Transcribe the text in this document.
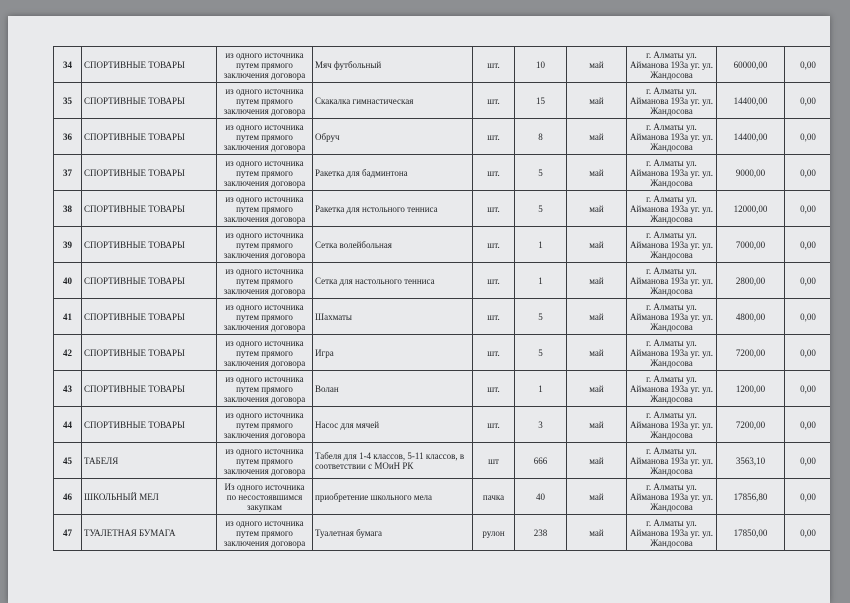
34	СПОРТИВНЫЕ ТОВАРЫ	из одного источника путем прямого заключения договора	Мяч футбольный	шт.	10	май	г. Алматы ул. Айманова 193а уг. ул. Жандосова	60000,00	0,00
35	СПОРТИВНЫЕ ТОВАРЫ	из одного источника путем прямого заключения договора	Скакалка гимнастическая	шт.	15	май	г. Алматы ул. Айманова 193а уг. ул. Жандосова	14400,00	0,00
36	СПОРТИВНЫЕ ТОВАРЫ	из одного источника путем прямого заключения договора	Обруч	шт.	8	май	г. Алматы ул. Айманова 193а уг. ул. Жандосова	14400,00	0,00
37	СПОРТИВНЫЕ ТОВАРЫ	из одного источника путем прямого заключения договора	Ракетка для бадминтона	шт.	5	май	г. Алматы ул. Айманова 193а уг. ул. Жандосова	9000,00	0,00
38	СПОРТИВНЫЕ ТОВАРЫ	из одного источника путем прямого заключения договора	Ракетка для нстольного тенниса	шт.	5	май	г. Алматы ул. Айманова 193а уг. ул. Жандосова	12000,00	0,00
39	СПОРТИВНЫЕ ТОВАРЫ	из одного источника путем прямого заключения договора	Сетка волейбольная	шт.	1	май	г. Алматы ул. Айманова 193а уг. ул. Жандосова	7000,00	0,00
40	СПОРТИВНЫЕ ТОВАРЫ	из одного источника путем прямого заключения договора	Сетка для настольного тенниса	шт.	1	май	г. Алматы ул. Айманова 193а уг. ул. Жандосова	2800,00	0,00
41	СПОРТИВНЫЕ ТОВАРЫ	из одного источника путем прямого заключения договора	Шахматы	шт.	5	май	г. Алматы ул. Айманова 193а уг. ул. Жандосова	4800,00	0,00
42	СПОРТИВНЫЕ ТОВАРЫ	из одного источника путем прямого заключения договора	Игра	шт.	5	май	г. Алматы ул. Айманова 193а уг. ул. Жандосова	7200,00	0,00
43	СПОРТИВНЫЕ ТОВАРЫ	из одного источника путем прямого заключения договора	Волан	шт.	1	май	г. Алматы ул. Айманова 193а уг. ул. Жандосова	1200,00	0,00
44	СПОРТИВНЫЕ ТОВАРЫ	из одного источника путем прямого заключения договора	Насос для мячей	шт.	3	май	г. Алматы ул. Айманова 193а уг. ул. Жандосова	7200,00	0,00
45	ТАБЕЛЯ	из одного источника путем прямого заключения договора	Табеля для 1-4 классов, 5-11 классов, в соответствии с МОиН РК	шт	666	май	г. Алматы ул. Айманова 193а уг. ул. Жандосова	3563,10	0,00
46	ШКОЛЬНЫЙ МЕЛ	Из одного источника по несостоявшимся закупкам	приобретение школьного мела	пачка	40	май	г. Алматы ул. Айманова 193а уг. ул. Жандосова	17856,80	0,00
47	ТУАЛЕТНАЯ БУМАГА	из одного источника путем прямого заключения договора	Туалетная бумага	рулон	238	май	г. Алматы ул. Айманова 193а уг. ул. Жандосова	17850,00	0,00
